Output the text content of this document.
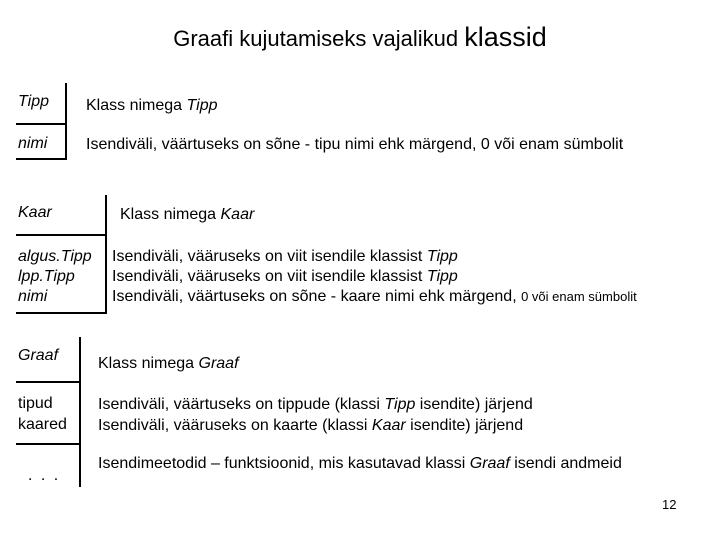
Graafi kujutamiseks vajalikud klassid
Tipp
nimi
Klass nimega Tipp
Isendiväli, väärtuseks on sõne - tipu nimi ehk märgend, 0 või enam sümbolit
Kaar
algus.Tipp
lpp.Tipp
nimi
Klass nimega Kaar
Isendiväli, vääruseks on viit isendile klassist Tipp
Isendiväli, vääruseks on viit isendile klassist Tipp
Isendiväli, väärtuseks on sõne - kaare nimi ehk märgend, 0 või enam sümbolit
Graaf
tipud
kaared
. . .
Klass nimega Graaf
Isendiväli, väärtuseks on tippude (klassi Tipp isendite) järjend
Isendiväli, vääruseks on kaarte (klassi Kaar isendite) järjend
Isendimeetodid – funktsioonid, mis kasutavad klassi Graaf isendi andmeid
12
